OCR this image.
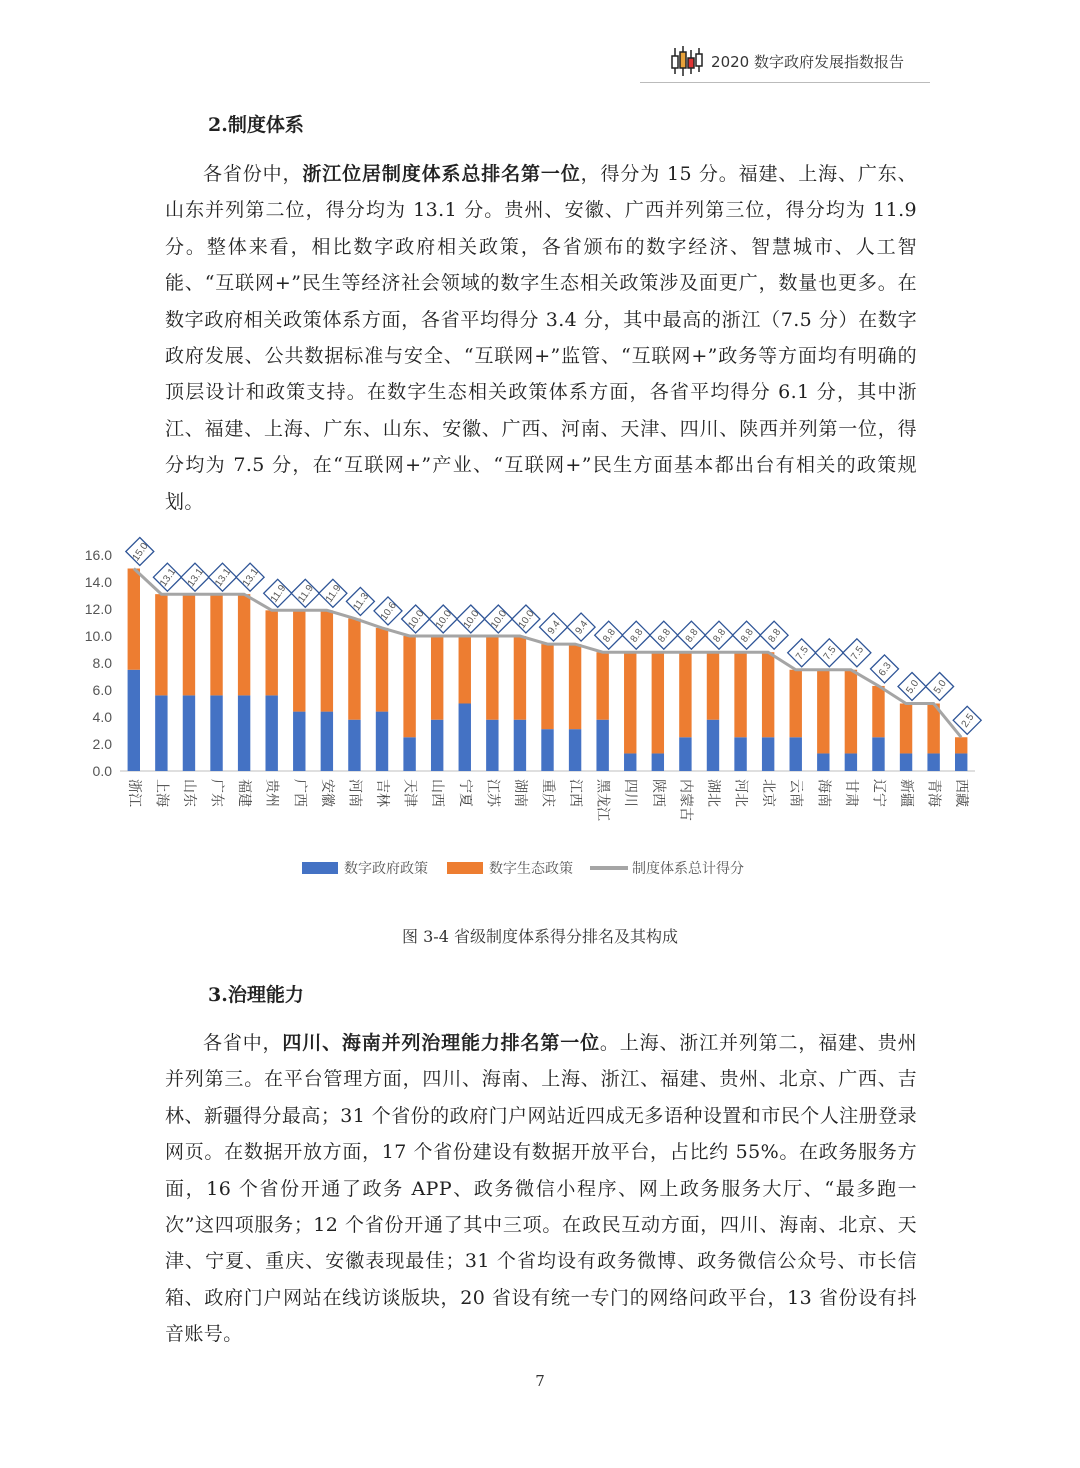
2020 数字政府发展指数报告
2.制度体系

各省份中，浙江位居制度体系总排名第一位，得分为 15 分。福建、上海、广东、山东并列第二位，得分均为 13.1 分。贵州、安徽、广西并列第三位，得分均为 11.9 分。整体来看，相比数字政府相关政策，各省颁布的数字经济、智慧城市、人工智能、“互联网+”民生等经济社会领域的数字生态相关政策涉及面更广，数量也更多。在数字政府相关政策体系方面，各省平均得分 3.4 分，其中最高的浙江（7.5 分）在数字政府发展、公共数据标准与安全、“互联网+”监管、“互联网+”政务等方面均有明确的顶层设计和政策支持。在数字生态相关政策体系方面，各省平均得分 6.1 分，其中浙江、福建、上海、广东、山东、安徽、广西、河南、天津、四川、陕西并列第一位，得分均为 7.5 分，在“互联网+”产业、“互联网+”民生方面基本都出台有相关的政策规划。

0.0
2.0
4.0
6.0
8.0
10.0
12.0
14.0
16.0 15.0
13.1 13.1 13.1 13.1
11.9 11.9 11.9 11.3 10.6 10.0 10.0 10.0 10.0 10.0 9.4 9.4 8.8 8.8 8.8 8.8 8.8 8.8 8.8
7.5 7.5 7.5
6.3
5.0 5.0
2.5
浙江 上海 山东 广东 福建 贵州 广西 安徽 河南 吉林 天津 山西 宁夏 江苏 湖南 重庆 江西 黑龙江 四川 陕西 内蒙古 湖北 河北 北京 云南 海南 甘肃 辽宁 新疆 青海 西藏
数字政府政策	数字生态政策	制度体系总计得分

图 3-4 省级制度体系得分排名及其构成

3.治理能力

各省中，四川、海南并列治理能力排名第一位。上海、浙江并列第二，福建、贵州并列第三。在平台管理方面，四川、海南、上海、浙江、福建、贵州、北京、广西、吉林、新疆得分最高；31 个省份的政府门户网站近四成无多语种设置和市民个人注册登录网页。在数据开放方面，17 个省份建设有数据开放平台，占比约 55%。在政务服务方面，16 个省份开通了政务 APP、政务微信小程序、网上政务服务大厅、“最多跑一次”这四项服务；12 个省份开通了其中三项。在政民互动方面，四川、海南、北京、天津、宁夏、重庆、安徽表现最佳；31 个省均设有政务微博、政务微信公众号、市长信箱、政府门户网站在线访谈版块，20 省设有统一专门的网络问政平台，13 省份设有抖音账号。

7
